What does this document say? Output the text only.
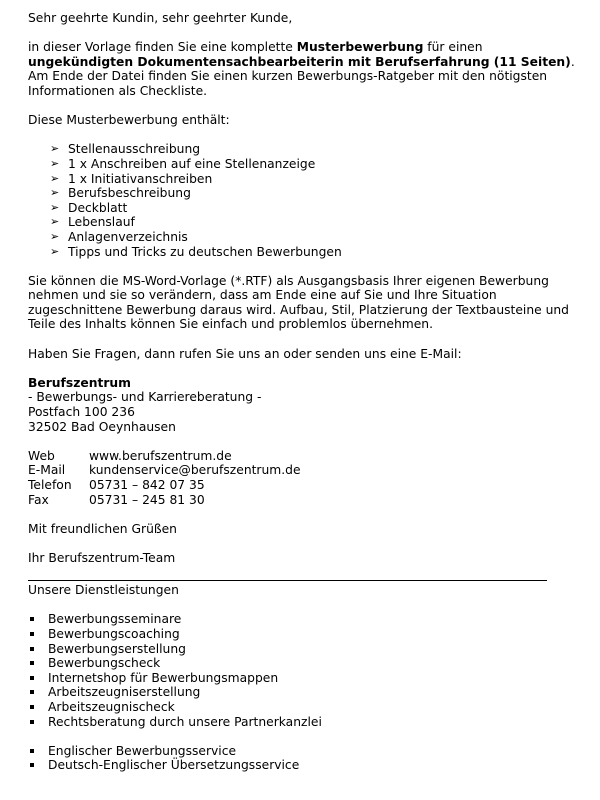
Sehr geehrte Kundin, sehr geehrter Kunde,

in dieser Vorlage finden Sie eine komplette Musterbewerbung für einen ungekündigten Dokumentensachbearbeiterin mit Berufserfahrung (11 Seiten). Am Ende der Datei finden Sie einen kurzen Bewerbungs-Ratgeber mit den nötigsten Informationen als Checkliste.

Diese Musterbewerbung enthält:

➢ Stellenausschreibung
➢ 1 x Anschreiben auf eine Stellenanzeige
➢ 1 x Initiativanschreiben
➢ Berufsbeschreibung
➢ Deckblatt
➢ Lebenslauf
➢ Anlagenverzeichnis
➢ Tipps und Tricks zu deutschen Bewerbungen

Sie können die MS-Word-Vorlage (*.RTF) als Ausgangsbasis Ihrer eigenen Bewerbung nehmen und sie so verändern, dass am Ende eine auf Sie und Ihre Situation zugeschnittene Bewerbung daraus wird. Aufbau, Stil, Platzierung der Textbausteine und Teile des Inhalts können Sie einfach und problemlos übernehmen.

Haben Sie Fragen, dann rufen Sie uns an oder senden uns eine E-Mail:

Berufszentrum

- Bewerbungs- und Karriereberatung -

Postfach 100 236

32502 Bad Oeynhausen

Web	www.berufszentrum.de
E-Mail	kundenservice@berufszentrum.de
Telefon	05731 – 842 07 35
Fax	05731 – 245 81 30

Mit freundlichen Grüßen

Ihr Berufszentrum-Team

Unsere Dienstleistungen

Bewerbungsseminare
Bewerbungscoaching
Bewerbungserstellung
Bewerbungscheck
Internetshop für Bewerbungsmappen
Arbeitszeugniserstellung
Arbeitszeugnischeck
Rechtsberatung durch unsere Partnerkanzlei
Englischer Bewerbungsservice
Deutsch-Englischer Übersetzungsservice
